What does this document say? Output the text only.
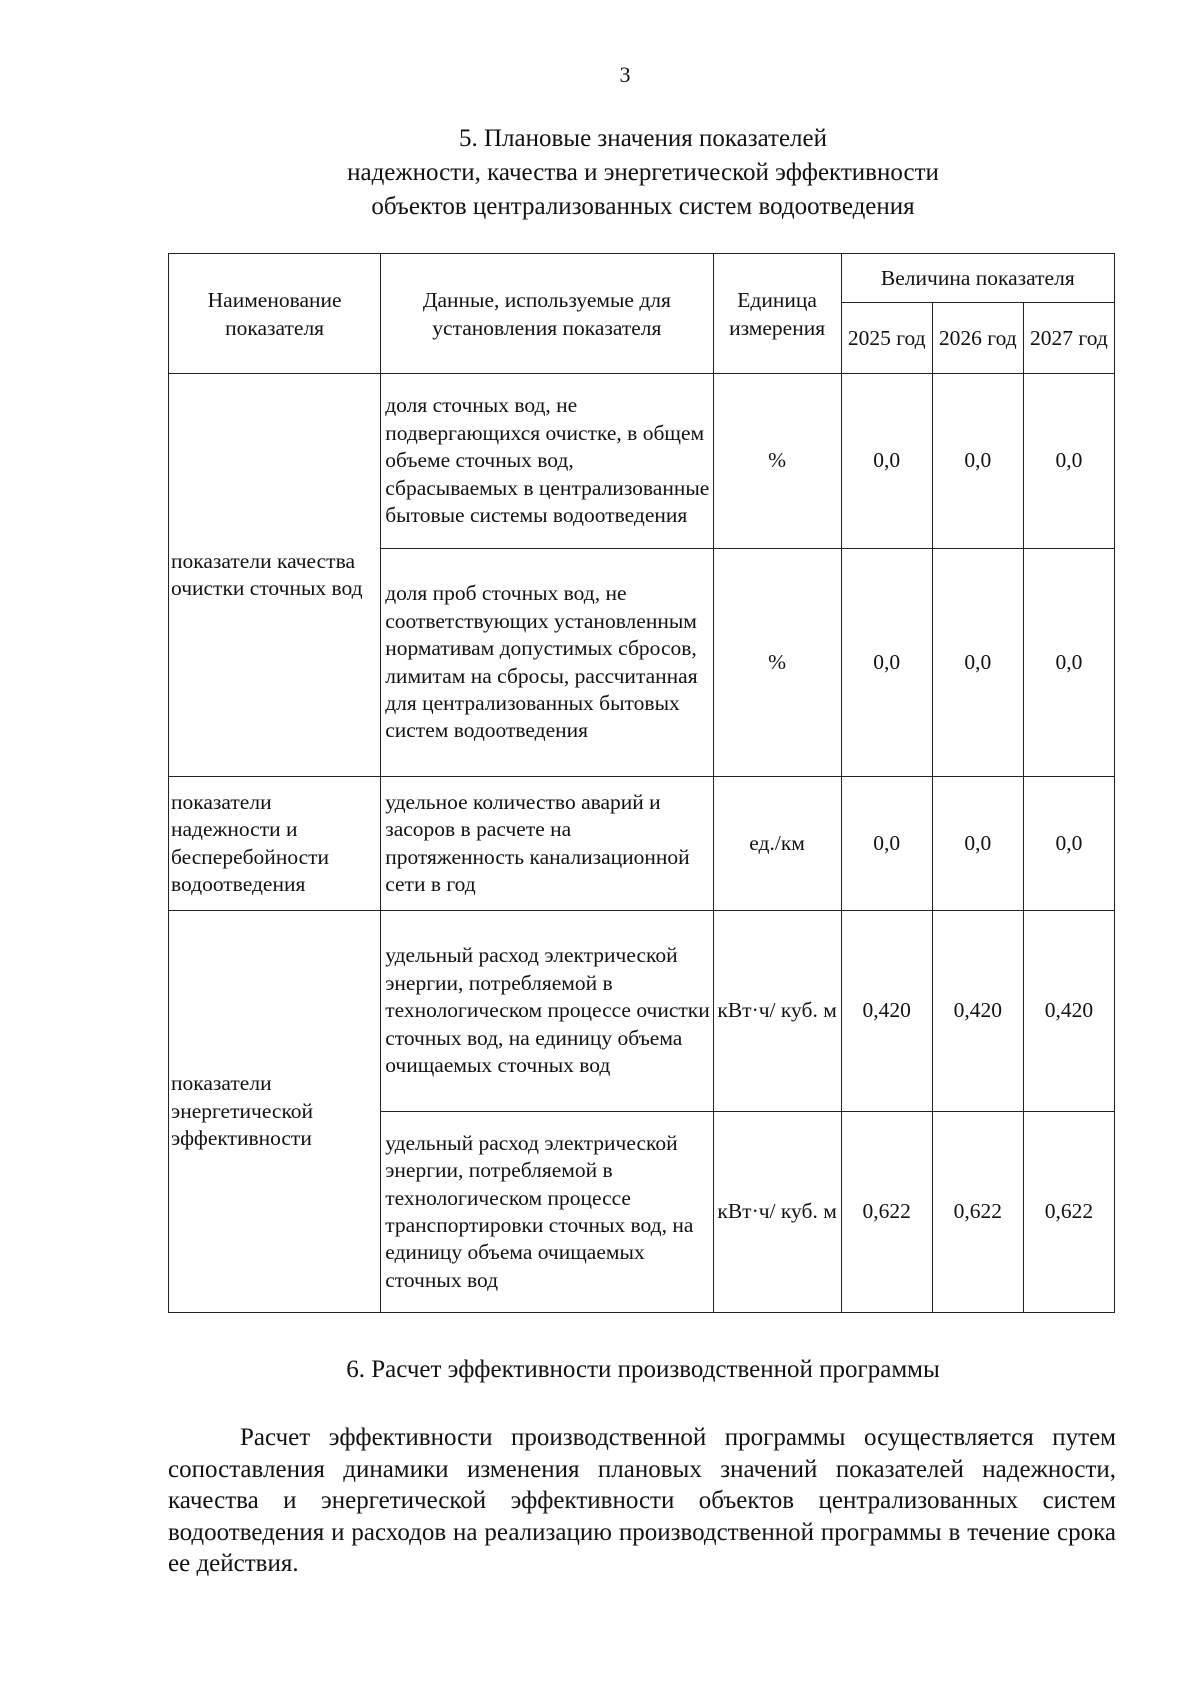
3
5. Плановые значения показателей
надежности, качества и энергетической эффективности
объектов централизованных систем водоотведения
Наименование показателя	Данные, используемые для установления показателя	Единица измерения	Величина показателя		
			2025 год	2026 год	2027 год
показатели качества очистки сточных вод	доля сточных вод, не подвергающихся очистке, в общем объеме сточных вод, сбрасываемых в централизованные бытовые системы водоотведения	%	0,0	0,0	0,0
	доля проб сточных вод, не соответствующих установленным нормативам допустимых сбросов, лимитам на сбросы, рассчитанная для централизованных бытовых систем водоотведения	%	0,0	0,0	0,0
показатели надежности и бесперебойности водоотведения	удельное количество аварий и засоров в расчете на протяженность канализационной сети в год	ед./км	0,0	0,0	0,0
показатели энергетической эффективности	удельный расход электрической энергии, потребляемой в технологическом процессе очистки сточных вод, на единицу объема очищаемых сточных вод	кВт·ч/ куб. м	0,420	0,420	0,420
	удельный расход электрической энергии, потребляемой в технологическом процессе транспортировки сточных вод, на единицу объема очищаемых сточных вод	кВт·ч/ куб. м	0,622	0,622	0,622
6. Расчет эффективности производственной программы

Расчет эффективности производственной программы осуществляется путем сопоставления динамики изменения плановых значений показателей надежности, качества и энергетической эффективности объектов централизованных систем водоотведения и расходов на реализацию производственной программы в течение срока ее действия.
